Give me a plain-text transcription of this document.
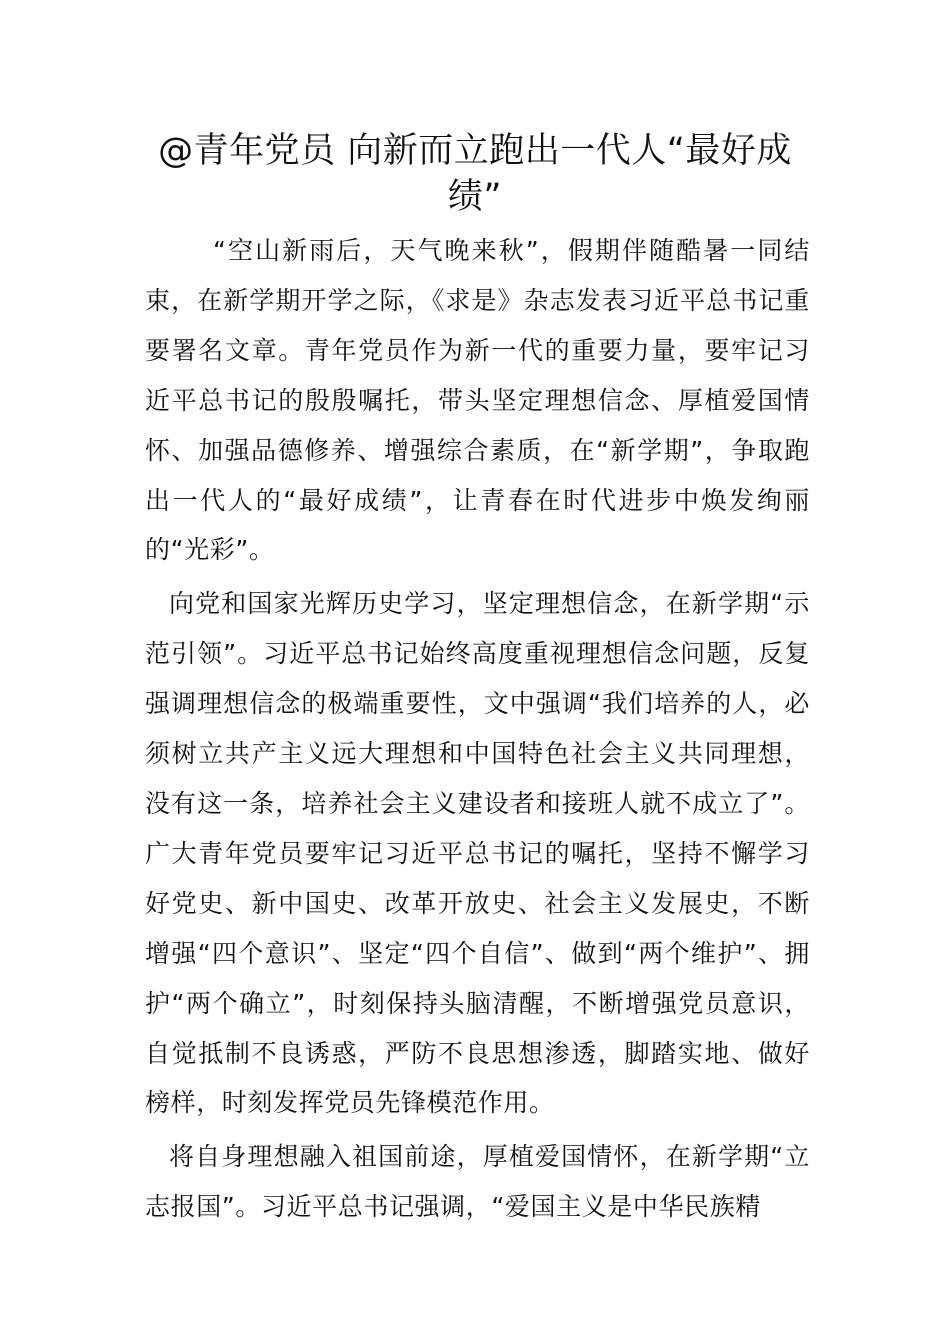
@青年党员 向新而立跑出一代人“最好成绩”

“空山新雨后，天气晚来秋”，假期伴随酷暑一同结束，在新学期开学之际，《求是》杂志发表习近平总书记重要署名文章。青年党员作为新一代的重要力量，要牢记习近平总书记的殷殷嘱托，带头坚定理想信念、厚植爱国情怀、加强品德修养、增强综合素质，在“新学期”，争取跑出一代人的“最好成绩”，让青春在时代进步中焕发绚丽的“光彩”。

向党和国家光辉历史学习，坚定理想信念，在新学期“示范引领”。习近平总书记始终高度重视理想信念问题，反复强调理想信念的极端重要性，文中强调“我们培养的人，必须树立共产主义远大理想和中国特色社会主义共同理想，没有这一条，培养社会主义建设者和接班人就不成立了”。广大青年党员要牢记习近平总书记的嘱托，坚持不懈学习好党史、新中国史、改革开放史、社会主义发展史，不断增强“四个意识”、坚定“四个自信”、做到“两个维护”、拥护“两个确立”，时刻保持头脑清醒，不断增强党员意识，自觉抵制不良诱惑，严防不良思想渗透，脚踏实地、做好榜样，时刻发挥党员先锋模范作用。

将自身理想融入祖国前途，厚植爱国情怀，在新学期“立志报国”。习近平总书记强调，“爱国主义是中华民族精
